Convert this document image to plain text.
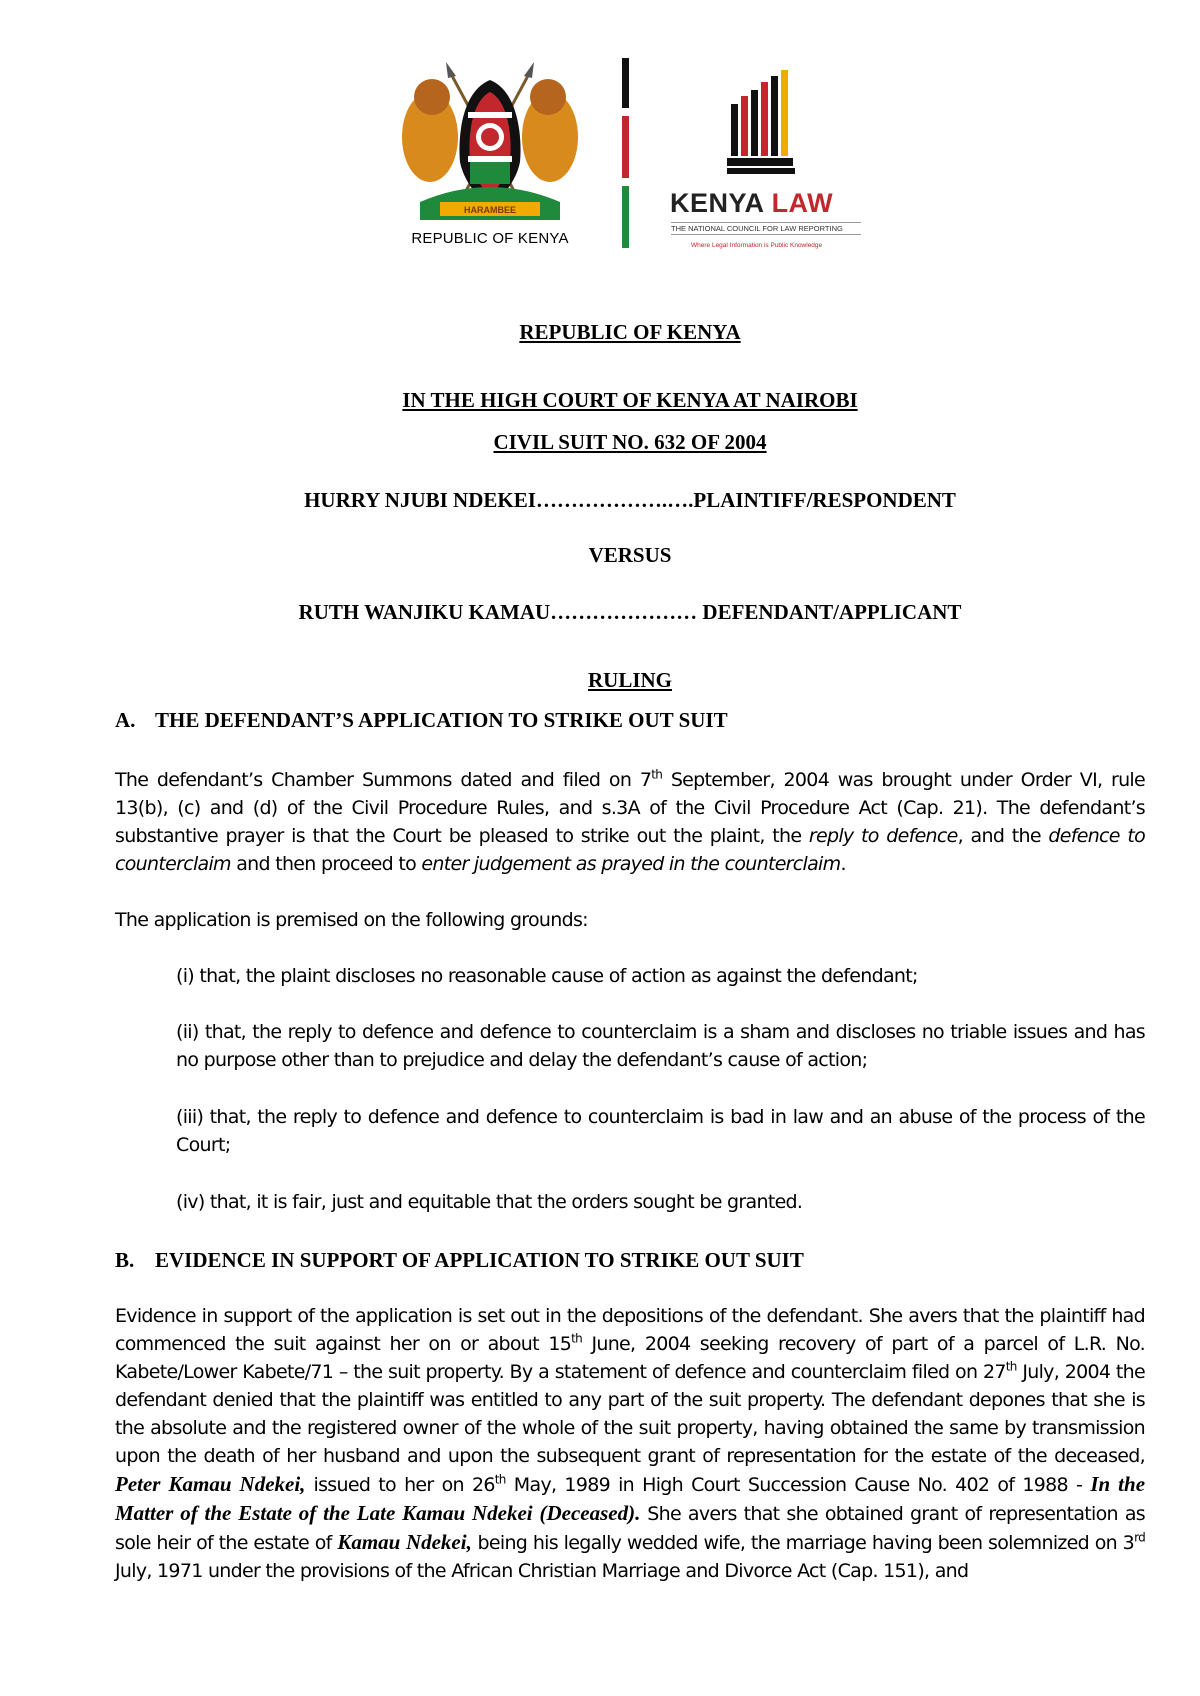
HARAMBEE
REPUBLIC OF KENYA
KENYA LAW
THE NATIONAL COUNCIL FOR LAW REPORTING
Where Legal Information is Public Knowledge
REPUBLIC OF KENYA
IN THE HIGH COURT OF KENYA AT NAIROBI
CIVIL SUIT NO. 632 OF 2004
HURRY NJUBI NDEKEI……………….….PLAINTIFF/RESPONDENT
VERSUS
RUTH WANJIKU KAMAU………………… DEFENDANT/APPLICANT
RULING
A. THE DEFENDANT’S APPLICATION TO STRIKE OUT SUIT
The defendant’s Chamber Summons dated and filed on 7th September, 2004 was brought under Order VI, rule 13(b), (c) and (d) of the Civil Procedure Rules, and s.3A of the Civil Procedure Act (Cap. 21). The defendant’s substantive prayer is that the Court be pleased to strike out the plaint, the reply to defence, and the defence to counterclaim and then proceed to enter judgement as prayed in the counterclaim.
The application is premised on the following grounds:
(i) that, the plaint discloses no reasonable cause of action as against the defendant;
(ii) that, the reply to defence and defence to counterclaim is a sham and discloses no triable issues and has no purpose other than to prejudice and delay the defendant’s cause of action;
(iii) that, the reply to defence and defence to counterclaim is bad in law and an abuse of the process of the Court;
(iv) that, it is fair, just and equitable that the orders sought be granted.
B. EVIDENCE IN SUPPORT OF APPLICATION TO STRIKE OUT SUIT
Evidence in support of the application is set out in the depositions of the defendant. She avers that the plaintiff had commenced the suit against her on or about 15th June, 2004 seeking recovery of part of a parcel of L.R. No. Kabete/Lower Kabete/71 – the suit property. By a statement of defence and counterclaim filed on 27th July, 2004 the defendant denied that the plaintiff was entitled to any part of the suit property. The defendant depones that she is the absolute and the registered owner of the whole of the suit property, having obtained the same by transmission upon the death of her husband and upon the subsequent grant of representation for the estate of the deceased, Peter Kamau Ndekei, issued to her on 26th May, 1989 in High Court Succession Cause No. 402 of 1988 - In the Matter of the Estate of the Late Kamau Ndekei (Deceased). She avers that she obtained grant of representation as sole heir of the estate of Kamau Ndekei, being his legally wedded wife, the marriage having been solemnized on 3rd July, 1971 under the provisions of the African Christian Marriage and Divorce Act (Cap. 151), and
